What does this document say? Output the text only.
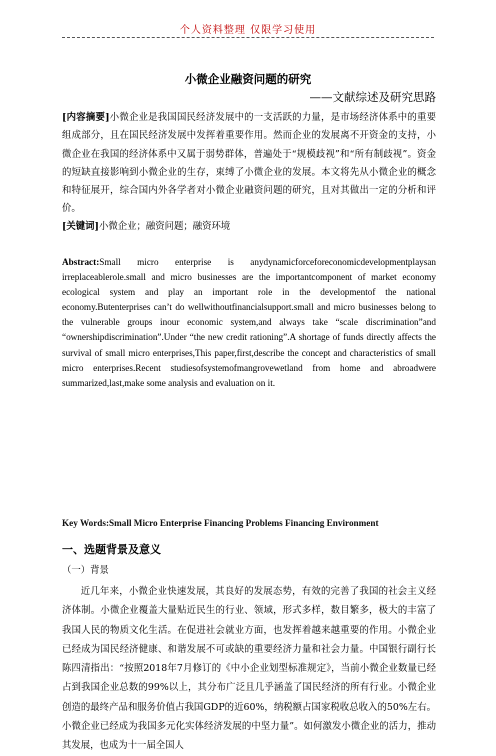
个人资料整理 仅限学习使用
小微企业融资问题的研究
——文献综述及研究思路
[内容摘要]小微企业是我国国民经济发展中的一支活跃的力量，是市场经济体系中的重要组成部分，且在国民经济发展中发挥着重要作用。然而企业的发展离不开资金的支持，小微企业在我国的经济体系中又属于弱势群体，普遍处于“规模歧视”和“所有制歧视”。资金的短缺直接影响到小微企业的生存，束缚了小微企业的发展。本文将先从小微企业的概念和特征展开，综合国内外各学者对小微企业融资问题的研究，且对其做出一定的分析和评价。
[关键词]小微企业；融资问题；融资环境
Abstract:Small micro enterprise is anydynamicforceforeconomicdevelopmentplaysan irreplaceablerole.small and micro businesses are the importantcomponent of market economy ecological system and play an important role in the developmentof the national economy.Butenterprises can’t do wellwithoutfinancialsupport.small and micro businesses belong to the vulnerable groups inour economic system,and always take “scale discrimination”and “ownershipdiscrimination”.Under “the new credit rationing”.A shortage of funds directly affects the survival of small micro enterprises,This paper,first,describe the concept and characteristics of small micro enterprises.Recent studiesofsystemofmangrovewetland from home and abroadwere summarized,last,make some analysis and evaluation on it.
Key Words:Small Micro Enterprise Financing Problems Financing Environment
一、选题背景及意义
（一）背景
近几年来，小微企业快速发展，其良好的发展态势，有效的完善了我国的社会主义经济体制。小微企业覆盖大量贴近民生的行业、领域，形式多样，数目繁多，极大的丰富了我国人民的物质文化生活。在促进社会就业方面，也发挥着越来越重要的作用。小微企业已经成为国民经济健康、和谐发展不可或缺的重要经济力量和社会力量。中国银行副行长陈四清指出：“按照2018年7月修订的《中小企业划型标准规定》，当前小微企业数量已经占到我国企业总数的99%以上，其分布广泛且几乎涵盖了国民经济的所有行业。小微企业创造的最终产品和服务价值占我国GDP的近60%，纳税额占国家税收总收入的50%左右。小微企业已经成为我国多元化实体经济发展的中坚力量”。如何激发小微企业的活力，推动其发展，也成为十一届全国人
